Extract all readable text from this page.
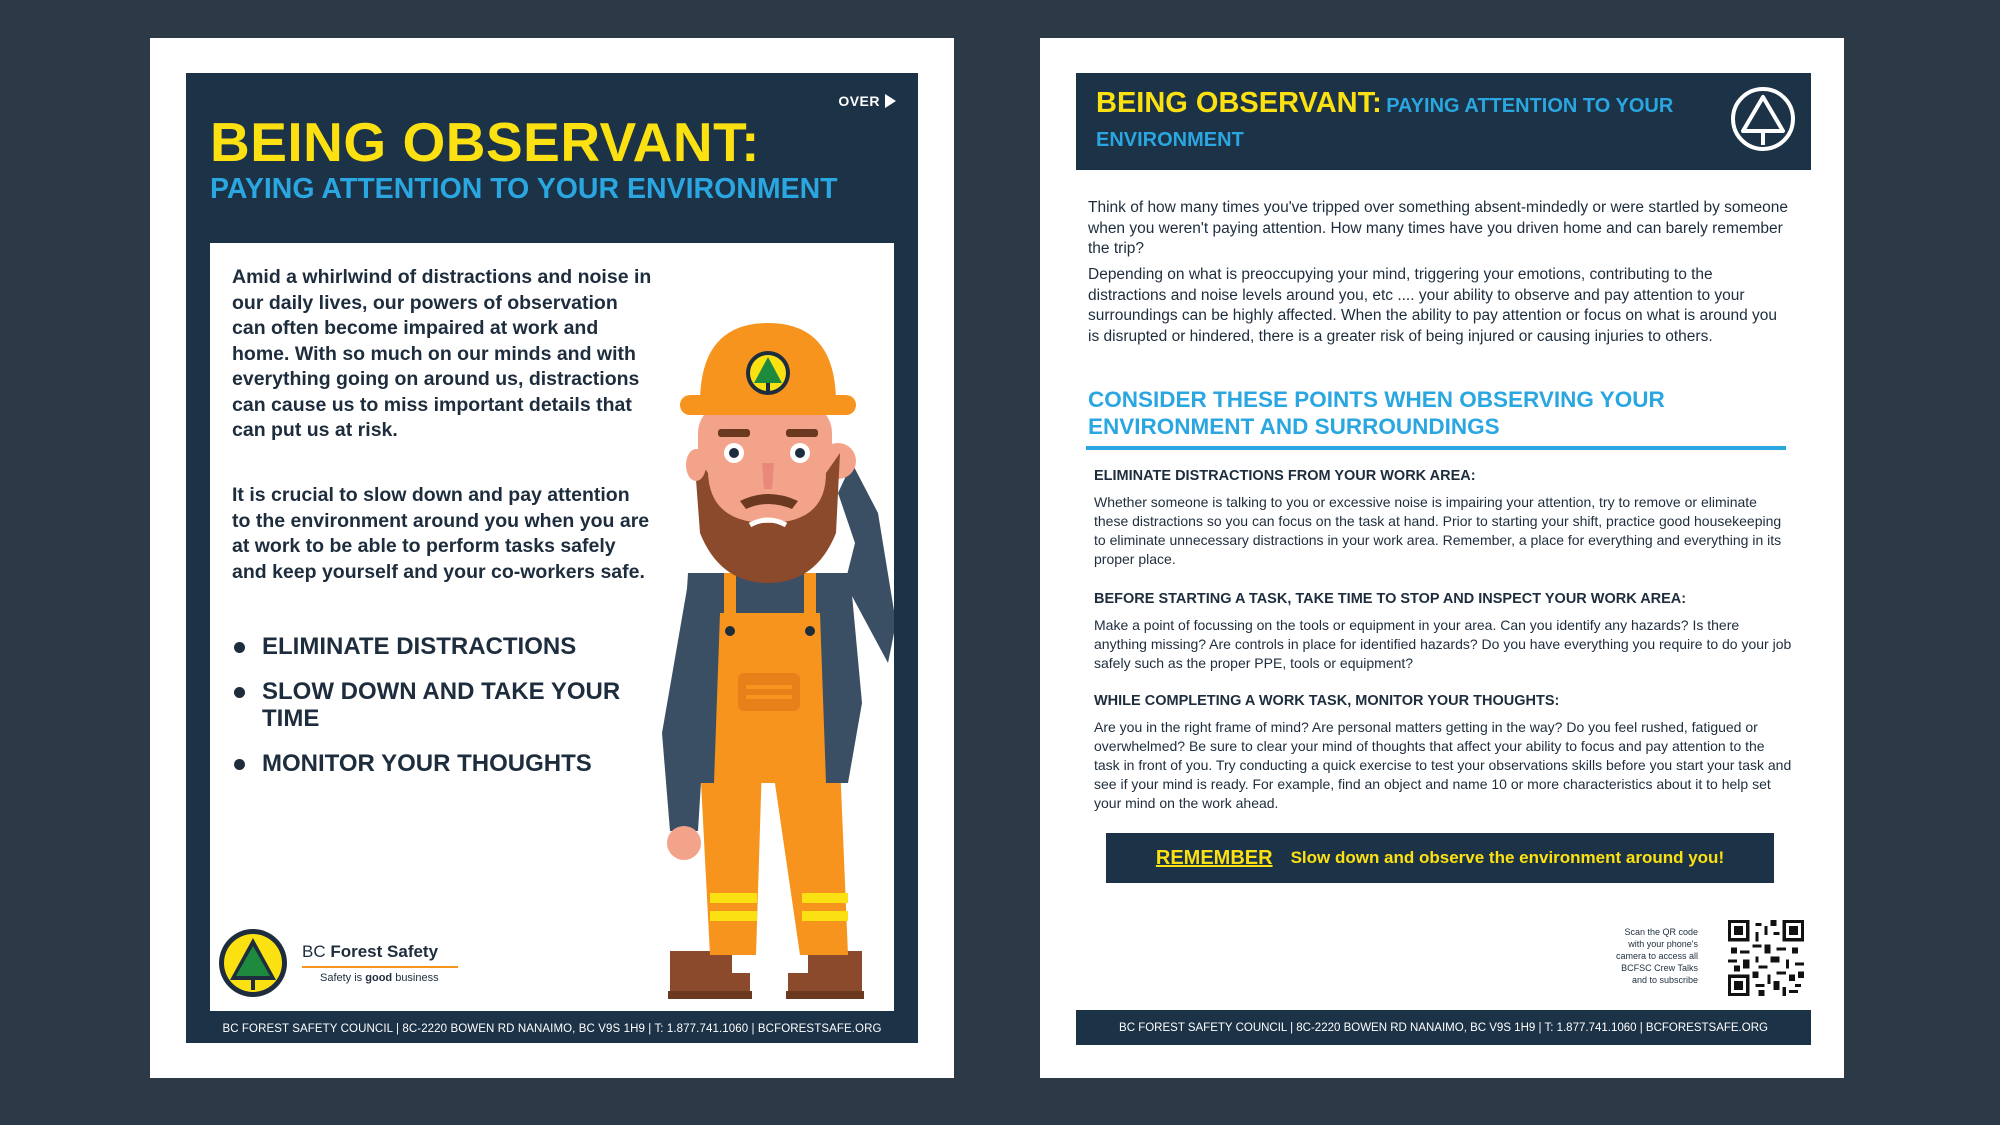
OVER
BEING OBSERVANT:
PAYING ATTENTION TO YOUR ENVIRONMENT

Amid a whirlwind of distractions and noise in our daily lives, our powers of observation can often become impaired at work and home. With so much on our minds and with everything going on around us, distractions can cause us to miss important details that can put us at risk.

It is crucial to slow down and pay attention to the environment around you when you are at work to be able to perform tasks safely and keep yourself and your co-workers safe.

ELIMINATE DISTRACTIONS
SLOW DOWN AND TAKE YOUR TIME
MONITOR YOUR THOUGHTS
BC Forest Safety
Safety is good business
BC FOREST SAFETY COUNCIL | 8C-2220 BOWEN RD NANAIMO, BC V9S 1H9 | T: 1.877.741.1060 | BCFORESTSAFE.ORG
BEING OBSERVANT: PAYING ATTENTION TO YOUR ENVIRONMENT

Think of how many times you've tripped over something absent-mindedly or were startled by someone when you weren't paying attention. How many times have you driven home and can barely remember the trip?

Depending on what is preoccupying your mind, triggering your emotions, contributing to the distractions and noise levels around you, etc .... your ability to observe and pay attention to your surroundings can be highly affected. When the ability to pay attention or focus on what is around you is disrupted or hindered, there is a greater risk of being injured or causing injuries to others.

CONSIDER THESE POINTS WHEN OBSERVING YOUR ENVIRONMENT AND SURROUNDINGS

ELIMINATE DISTRACTIONS FROM YOUR WORK AREA:

Whether someone is talking to you or excessive noise is impairing your attention, try to remove or eliminate these distractions so you can focus on the task at hand. Prior to starting your shift, practice good housekeeping to eliminate unnecessary distractions in your work area. Remember, a place for everything and everything in its proper place.

BEFORE STARTING A TASK, TAKE TIME TO STOP AND INSPECT YOUR WORK AREA:

Make a point of focussing on the tools or equipment in your area. Can you identify any hazards? Is there anything missing? Are controls in place for identified hazards? Do you have everything you require to do your job safely such as the proper PPE, tools or equipment?

WHILE COMPLETING A WORK TASK, MONITOR YOUR THOUGHTS:

Are you in the right frame of mind? Are personal matters getting in the way? Do you feel rushed, fatigued or overwhelmed? Be sure to clear your mind of thoughts that affect your ability to focus and pay attention to the task in front of you. Try conducting a quick exercise to test your observations skills before you start your task and see if your mind is ready. For example, find an object and name 10 or more characteristics about it to help set your mind on the work ahead.

REMEMBER Slow down and observe the environment around you!

Scan the QR code with your phone's camera to access all BCFSC Crew Talks and to subscribe

BC FOREST SAFETY COUNCIL | 8C-2220 BOWEN RD NANAIMO, BC V9S 1H9 | T: 1.877.741.1060 | BCFORESTSAFE.ORG
